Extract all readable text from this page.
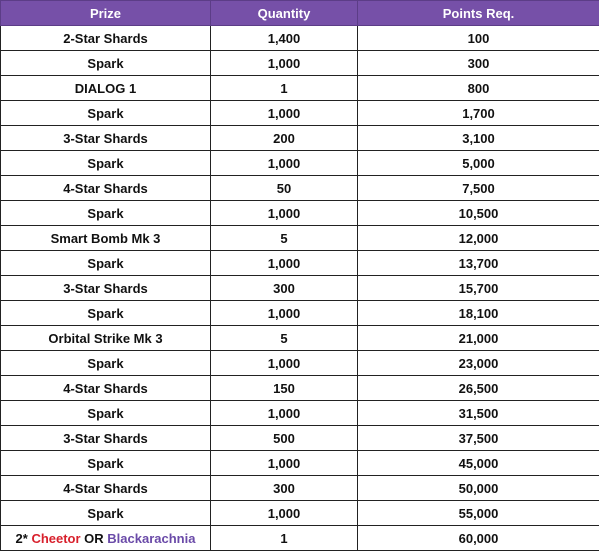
Prize	Quantity	Points Req.
2-Star Shards	1,400	100
Spark	1,000	300
DIALOG 1	1	800
Spark	1,000	1,700
3-Star Shards	200	3,100
Spark	1,000	5,000
4-Star Shards	50	7,500
Spark	1,000	10,500
Smart Bomb Mk 3	5	12,000
Spark	1,000	13,700
3-Star Shards	300	15,700
Spark	1,000	18,100
Orbital Strike Mk 3	5	21,000
Spark	1,000	23,000
4-Star Shards	150	26,500
Spark	1,000	31,500
3-Star Shards	500	37,500
Spark	1,000	45,000
4-Star Shards	300	50,000
Spark	1,000	55,000
2* Cheetor OR Blackarachnia	1	60,000
